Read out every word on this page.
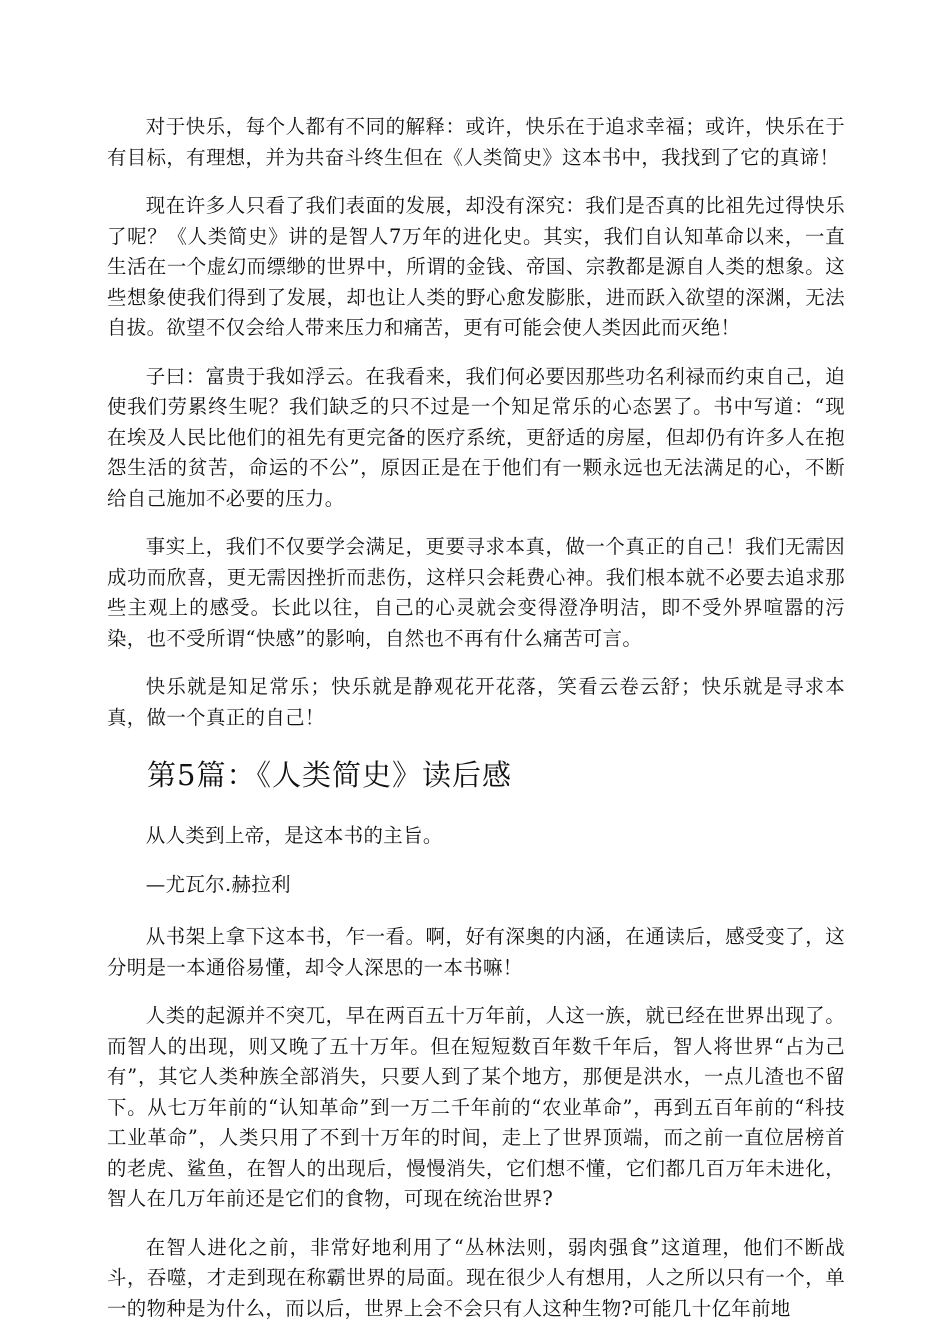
对于快乐，每个人都有不同的解释：或许，快乐在于追求幸福；或许，快乐在于有目标，有理想，并为共奋斗终生但在《人类简史》这本书中，我找到了它的真谛！

现在许多人只看了我们表面的发展，却没有深究：我们是否真的比祖先过得快乐了呢？《人类简史》讲的是智人7万年的进化史。其实，我们自认知革命以来，一直生活在一个虚幻而缥缈的世界中，所谓的金钱、帝国、宗教都是源自人类的想象。这些想象使我们得到了发展，却也让人类的野心愈发膨胀，进而跃入欲望的深渊，无法自拔。欲望不仅会给人带来压力和痛苦，更有可能会使人类因此而灭绝！

子曰：富贵于我如浮云。在我看来，我们何必要因那些功名利禄而约束自己，迫使我们劳累终生呢？我们缺乏的只不过是一个知足常乐的心态罢了。书中写道：“现在埃及人民比他们的祖先有更完备的医疗系统，更舒适的房屋，但却仍有许多人在抱怨生活的贫苦，命运的不公”，原因正是在于他们有一颗永远也无法满足的心，不断给自己施加不必要的压力。

事实上，我们不仅要学会满足，更要寻求本真，做一个真正的自己！我们无需因成功而欣喜，更无需因挫折而悲伤，这样只会耗费心神。我们根本就不必要去追求那些主观上的感受。长此以往，自己的心灵就会变得澄净明洁，即不受外界喧嚣的污染，也不受所谓“快感”的影响，自然也不再有什么痛苦可言。

快乐就是知足常乐；快乐就是静观花开花落，笑看云卷云舒；快乐就是寻求本真，做一个真正的自己！

第5篇：《人类简史》读后感

从人类到上帝，是这本书的主旨。

—尤瓦尔.赫拉利

从书架上拿下这本书，乍一看。啊，好有深奥的内涵，在通读后，感受变了，这分明是一本通俗易懂，却令人深思的一本书嘛！

人类的起源并不突兀，早在两百五十万年前，人这一族，就已经在世界出现了。而智人的出现，则又晚了五十万年。但在短短数百年数千年后，智人将世界“占为己有”，其它人类种族全部消失，只要人到了某个地方，那便是洪水，一点儿渣也不留下。从七万年前的“认知革命”到一万二千年前的“农业革命”，再到五百年前的“科技工业革命”，人类只用了不到十万年的时间，走上了世界顶端，而之前一直位居榜首的老虎、鲨鱼，在智人的出现后，慢慢消失，它们想不懂，它们都几百万年未进化，智人在几万年前还是它们的食物，可现在统治世界?

在智人进化之前，非常好地利用了“丛林法则，弱肉强食”这道理，他们不断战斗，吞噬，才走到现在称霸世界的局面。现在很少人有想用，人之所以只有一个，单一的物种是为什么，而以后，世界上会不会只有人这种生物?可能几十亿年前地
